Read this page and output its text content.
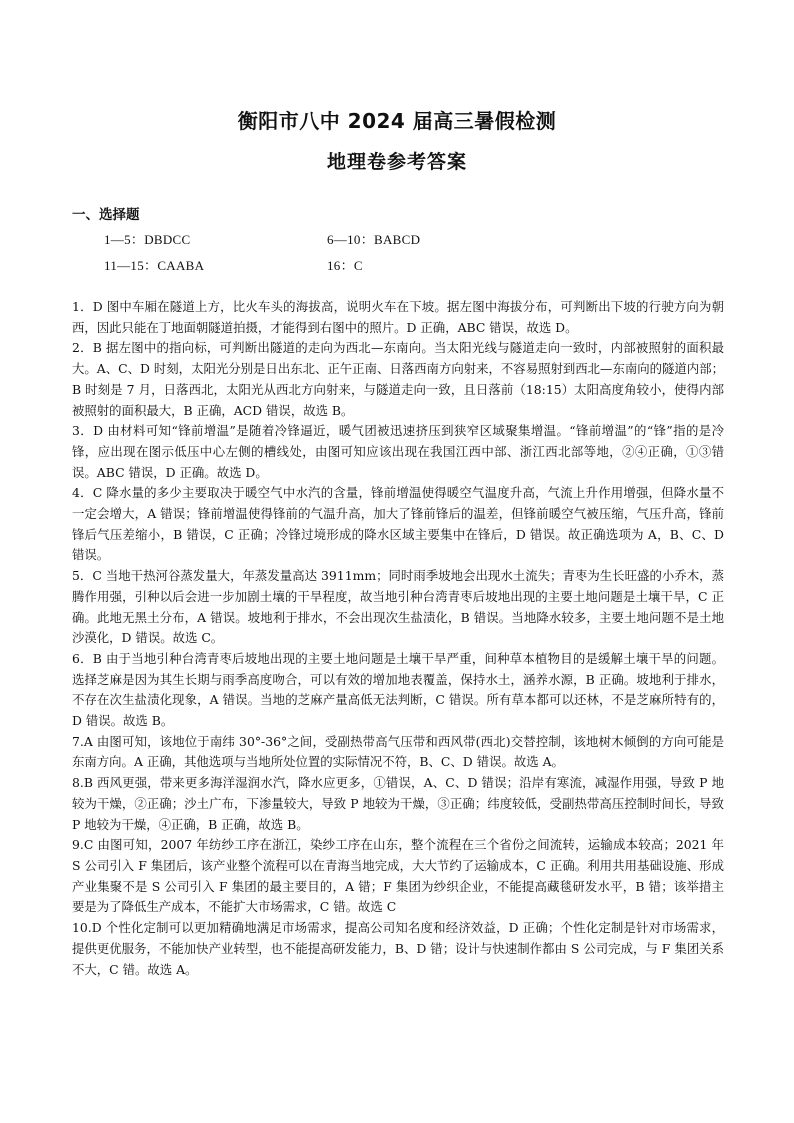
衡阳市八中 2024 届高三暑假检测
地理卷参考答案
一、选择题
1—5：DBDCC	6—10：BABCD
11—15：CAABA	16：C

1．D 图中车厢在隧道上方，比火车头的海拔高，说明火车在下坡。据左图中海拔分布，可判断出下坡的行驶方向为朝西，因此只能在丁地面朝隧道拍摄，才能得到右图中的照片。D 正确，ABC 错误，故选 D。

2．B 据左图中的指向标，可判断出隧道的走向为西北—东南向。当太阳光线与隧道走向一致时，内部被照射的面积最大。A、C、D 时刻，太阳光分别是日出东北、正午正南、日落西南方向射来，不容易照射到西北—东南向的隧道内部；B 时刻是 7 月，日落西北，太阳光从西北方向射来，与隧道走向一致，且日落前（18:15）太阳高度角较小，使得内部被照射的面积最大，B 正确，ACD 错误，故选 B。

3．D 由材料可知“锋前增温”是随着冷锋逼近，暖气团被迅速挤压到狭窄区域聚集增温。“锋前增温”的“锋”指的是冷锋，应出现在图示低压中心左侧的槽线处，由图可知应该出现在我国江西中部、浙江西北部等地，②④正确，①③错误。ABC 错误，D 正确。故选 D。

4．C 降水量的多少主要取决于暖空气中水汽的含量，锋前增温使得暖空气温度升高，气流上升作用增强，但降水量不一定会增大，A 错误；锋前增温使得锋前的气温升高，加大了锋前锋后的温差，但锋前暖空气被压缩，气压升高，锋前锋后气压差缩小，B 错误，C 正确；冷锋过境形成的降水区域主要集中在锋后，D 错误。故正确选项为 A，B、C、D 错误。

5．C 当地干热河谷蒸发量大，年蒸发量高达 3911mm；同时雨季坡地会出现水土流失；青枣为生长旺盛的小乔木，蒸腾作用强，引种以后会进一步加剧土壤的干旱程度，故当地引种台湾青枣后坡地出现的主要土地问题是土壤干旱，C 正确。此地无黑土分布，A 错误。坡地利于排水，不会出现次生盐渍化，B 错误。当地降水较多，主要土地问题不是土地沙漠化，D 错误。故选 C。

6．B 由于当地引种台湾青枣后坡地出现的主要土地问题是土壤干旱严重，间种草本植物目的是缓解土壤干旱的问题。选择芝麻是因为其生长期与雨季高度吻合，可以有效的增加地表覆盖，保持水土，涵养水源，B 正确。坡地利于排水，不存在次生盐渍化现象，A 错误。当地的芝麻产量高低无法判断，C 错误。所有草本都可以还林，不是芝麻所特有的，D 错误。故选 B。

7.A 由图可知，该地位于南纬 30°-36°之间，受副热带高气压带和西风带(西北)交替控制，该地树木倾倒的方向可能是东南方向。A 正确，其他选项与当地所处位置的实际情况不符，B、C、D 错误。故选 A。

8.B 西风更强，带来更多海洋湿润水汽，降水应更多，①错误，A、C、D 错误；沿岸有寒流，减湿作用强，导致 P 地较为干燥，②正确；沙土广布，下渗量较大，导致 P 地较为干燥，③正确；纬度较低，受副热带高压控制时间长，导致 P 地较为干燥，④正确，B 正确，故选 B。

9.C 由图可知，2007 年纺纱工序在浙江，染纱工序在山东，整个流程在三个省份之间流转，运输成本较高；2021 年 S 公司引入 F 集团后，该产业整个流程可以在青海当地完成，大大节约了运输成本，C 正确。利用共用基础设施、形成产业集聚不是 S 公司引入 F 集团的最主要目的，A 错；F 集团为纱织企业，不能提高藏毯研发水平，B 错；该举措主要是为了降低生产成本，不能扩大市场需求，C 错。故选 C

10.D 个性化定制可以更加精确地满足市场需求，提高公司知名度和经济效益，D 正确；个性化定制是针对市场需求，提供更优服务，不能加快产业转型，也不能提高研发能力，B、D 错；设计与快速制作都由 S 公司完成，与 F 集团关系不大，C 错。故选 A。
